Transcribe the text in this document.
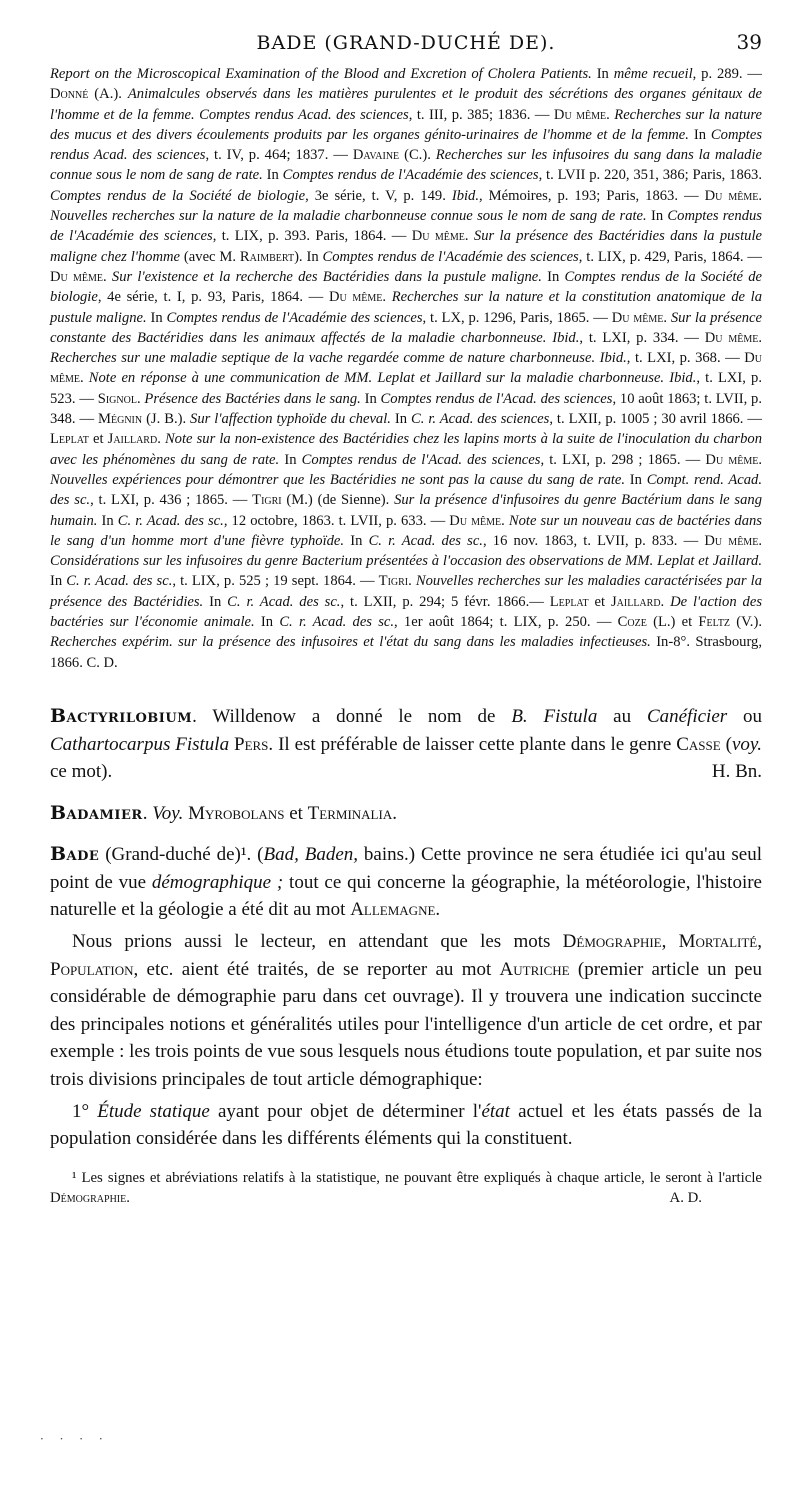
BADE (GRAND-DUCHÉ DE).	39

Report on the Microscopical Examination of the Blood and Excretion of Cholera Patients. In même recueil, p. 289. — Donné (A.). Animalcules observés dans les matières purulentes et le produit des sécrétions des organes génitaux de l'homme et de la femme. Comptes rendus Acad. des sciences, t. III, p. 385; 1836. — Du même. Recherches sur la nature des mucus et des divers écoulements produits par les organes génito-urinaires de l'homme et de la femme. In Comptes rendus Acad. des sciences, t. IV, p. 464; 1837. — Davaine (C.). Recherches sur les infusoires du sang dans la maladie connue sous le nom de sang de rate. In Comptes rendus de l'Académie des sciences, t. LVII p. 220, 351, 386; Paris, 1863. Comptes rendus de la Société de biologie, 3e série, t. V, p. 149. Ibid., Mémoires, p. 193; Paris, 1863. — Du même. Nouvelles recherches sur la nature de la maladie charbonneuse connue sous le nom de sang de rate. In Comptes rendus de l'Académie des sciences, t. LIX, p. 393. Paris, 1864. — Du même. Sur la présence des Bactéridies dans la pustule maligne chez l'homme (avec M. Raimbert). In Comptes rendus de l'Académie des sciences, t. LIX, p. 429, Paris, 1864. — Du même. Sur l'existence et la recherche des Bactéridies dans la pustule maligne. In Comptes rendus de la Société de biologie, 4e série, t. I, p. 93, Paris, 1864. — Du même. Recherches sur la nature et la constitution anatomique de la pustule maligne. In Comptes rendus de l'Académie des sciences, t. LX, p. 1296, Paris, 1865. — Du même. Sur la présence constante des Bactéridies dans les animaux affectés de la maladie charbonneuse. Ibid., t. LXI, p. 334. — Du même. Recherches sur une maladie septique de la vache regardée comme de nature charbonneuse. Ibid., t. LXI, p. 368. — Du même. Note en réponse à une communication de MM. Leplat et Jaillard sur la maladie charbonneuse. Ibid., t. LXI, p. 523. — Signol. Présence des Bactéries dans le sang. In Comptes rendus de l'Acad. des sciences, 10 août 1863; t. LVII, p. 348. — Mégnin (J. B.). Sur l'affection typhoïde du cheval. In C. r. Acad. des sciences, t. LXII, p. 1005 ; 30 avril 1866. — Leplat et Jaillard. Note sur la non-existence des Bactéridies chez les lapins morts à la suite de l'inoculation du charbon avec les phénomènes du sang de rate. In Comptes rendus de l'Acad. des sciences, t. LXI, p. 298 ; 1865. — Du même. Nouvelles expériences pour démontrer que les Bactéridies ne sont pas la cause du sang de rate. In Compt. rend. Acad. des sc., t. LXI, p. 436 ; 1865. — Tigri (M.) (de Sienne). Sur la présence d'infusoires du genre Bactérium dans le sang humain. In C. r. Acad. des sc., 12 octobre, 1863. t. LVII, p. 633. — Du même. Note sur un nouveau cas de bactéries dans le sang d'un homme mort d'une fièvre typhoïde. In C. r. Acad. des sc., 16 nov. 1863, t. LVII, p. 833. — Du même. Considérations sur les infusoires du genre Bacterium présentées à l'occasion des observations de MM. Leplat et Jaillard. In C. r. Acad. des sc., t. LIX, p. 525 ; 19 sept. 1864. — Tigri. Nouvelles recherches sur les maladies caractérisées par la présence des Bactéridies. In C. r. Acad. des sc., t. LXII, p. 294; 5 févr. 1866.— Leplat et Jaillard. De l'action des bactéries sur l'économie animale. In C. r. Acad. des sc., 1er août 1864; t. LIX, p. 250. — Coze (L.) et Feltz (V.). Recherches expérim. sur la présence des infusoires et l'état du sang dans les maladies infectieuses. In-8°. Strasbourg, 1866. C. D.

Bactyrilobium. Willdenow a donné le nom de B. Fistula au Canéficier ou Cathartocarpus Fistula Pers. Il est préférable de laisser cette plante dans le genre Casse (voy. ce mot).	H. Bn.

Badamier. Voy. Myrobolans et Terminalia.

Bade (Grand-duché de)¹. (Bad, Baden, bains.) Cette province ne sera étudiée ici qu'au seul point de vue démographique ; tout ce qui concerne la géographie, la météorologie, l'histoire naturelle et la géologie a été dit au mot Allemagne.

Nous prions aussi le lecteur, en attendant que les mots Démographie, Mortalité, Population, etc. aient été traités, de se reporter au mot Autriche (premier article un peu considérable de démographie paru dans cet ouvrage). Il y trouvera une indication succincte des principales notions et généralités utiles pour l'intelligence d'un article de cet ordre, et par exemple : les trois points de vue sous lesquels nous étudions toute population, et par suite nos trois divisions principales de tout article démographique:

1° Étude statique ayant pour objet de déterminer l'état actuel et les états passés de la population considérée dans les différents éléments qui la constituent.

¹ Les signes et abréviations relatifs à la statistique, ne pouvant être expliqués à chaque article, le seront à l'article Démographie.	A. D.

· · · ·
